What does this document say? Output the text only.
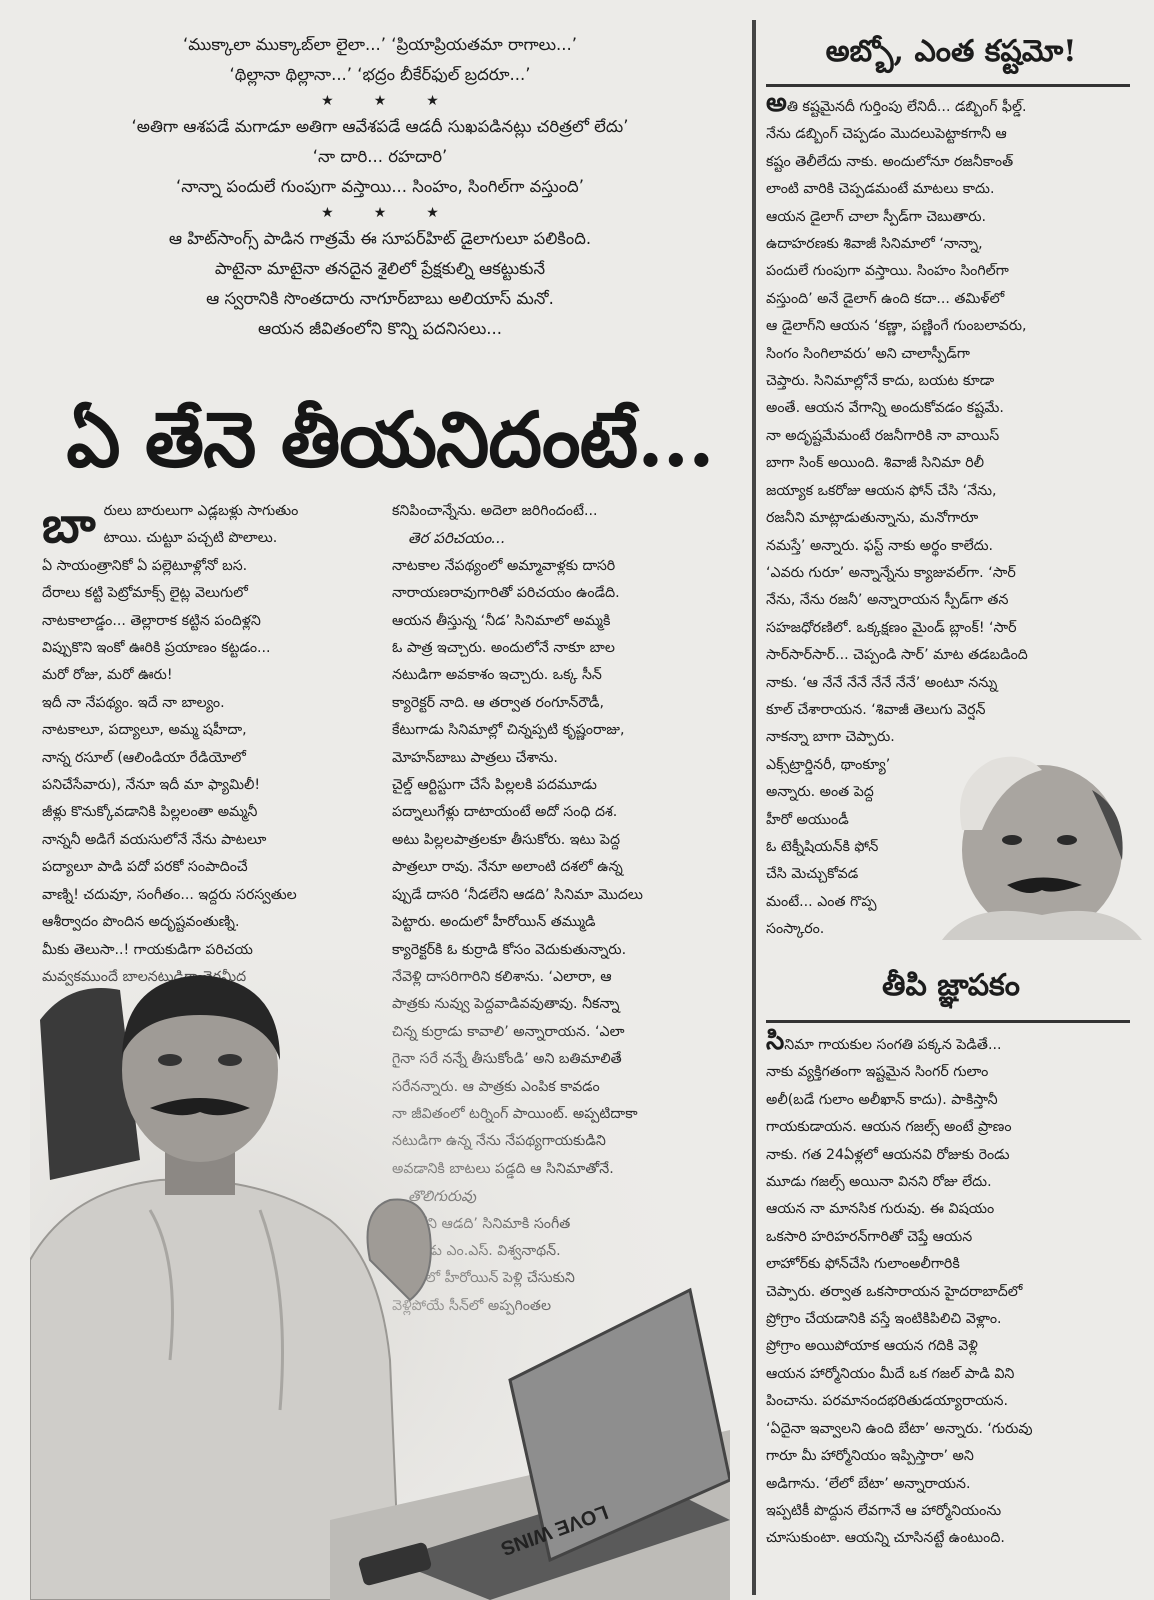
‘ముక్కాలా ముక్కాబ్‌లా లైలా...’ ‘ప్రియాప్రియతమా రాగాలు...’
‘థిల్లానా థిల్లానా...’ ‘భద్రం బీకేర్‌ఫుల్‌ బ్రదరూ...’
★★★
‘అతిగా ఆశపడే మగాడూ అతిగా ఆవేశపడే ఆడదీ సుఖపడినట్లు చరిత్రలో లేదు’
‘నా దారి... రహదారి’
‘నాన్నా పందులే గుంపుగా వస్తాయి... సింహం, సింగిల్‌గా వస్తుంది’
★★★
ఆ హిట్‌సాంగ్స్‌ పాడిన గాత్రమే ఈ సూపర్‌హిట్‌ డైలాగులూ పలికింది.
పాటైనా మాటైనా తనదైన శైలిలో ప్రేక్షకుల్ని ఆకట్టుకునే
ఆ స్వరానికి సొంతదారు నాగూర్‌బాబు అలియాస్‌ మనో.
ఆయన జీవితంలోని కొన్ని పదనిసలు...
ఏ తేనె తీయనిదంటే...
బా రులు బారులుగా ఎడ్లబళ్లు సాగుతుం
టాయి. చుట్టూ పచ్చటి పొలాలు.
ఏ సాయంత్రానికో ఏ పల్లెటూళ్లోనో బస.
దేరాలు కట్టి పెట్రోమాక్స్‌ లైట్ల వెలుగులో
నాటకాలాడ్డం... తెల్లారాక కట్టిన పందిళ్లని
విప్పుకొని ఇంకో ఊరికి ప్రయాణం కట్టడం...
మరో రోజు, మరో ఊరు!
ఇదీ నా నేపథ్యం. ఇదే నా బాల్యం.
నాటకాలూ, పద్యాలూ, అమ్మ షహీదా,
నాన్న రసూల్‌ (ఆలిండియా రేడియోలో
పనిచేసేవారు), నేనూ ఇదీ మా ఫ్యామిలీ!
జీళ్లు కొనుక్కోవడానికి పిల్లలంతా అమ్మనీ
నాన్ననీ అడిగే వయసులోనే నేను పాటలూ
పద్యాలూ పాడి పదో పరకో సంపాదించే
వాణ్ని! చదువూ, సంగీతం... ఇద్దరు సరస్వతుల
ఆశీర్వాదం పొందిన అదృష్టవంతుణ్ని.
మీకు తెలుసా..! గాయకుడిగా పరిచయ
కనిపించాన్నేను. అదెలా జరిగిందంటే...
తెర పరిచయం...
నాటకాల నేపథ్యంలో అమ్మావాళ్లకు దాసరి
నారాయణరావుగారితో పరిచయం ఉండేది.
ఆయన తీస్తున్న ‘నీడ’ సినిమాలో అమ్మకి
ఓ పాత్ర ఇచ్చారు. అందులోనే నాకూ బాల
నటుడిగా అవకాశం ఇచ్చారు. ఒక్క సీన్‌
క్యారెక్టర్‌ నాది. ఆ తర్వాత రంగూన్‌రౌడీ,
కేటుగాడు సినిమాల్లో చిన్నప్పటి కృష్ణంరాజు,
మోహన్‌బాబు పాత్రలు చేశాను.
చైల్డ్‌ ఆర్టిస్టుగా చేసే పిల్లలకి పదమూడు
పద్నాలుగేళ్లు దాటాయంటే అదో సంధి దశ.
అటు పిల్లలపాత్రలకూ తీసుకోరు. ఇటు పెద్ద
పాత్రలూ రావు. నేనూ అలాంటి దశలో ఉన్న
ప్పుడే దాసరి ‘నీడలేని ఆడది’ సినిమా మొదలు
పెట్టారు. అందులో హీరోయిన్‌ తమ్ముడి
క్యారెక్టర్‌కి ఓ కుర్రాడి కోసం వెదుకుతున్నారు.
LOVE WINS
అబ్బో, ఎంత కష్టమో!
అతి కష్టమైనదీ గుర్తింపు లేనిదీ... డబ్బింగ్‌ ఫీల్డ్‌.
నేను డబ్బింగ్‌ చెప్పడం మొదలుపెట్టాకగానీ ఆ
కష్టం తెలీలేదు నాకు. అందులోనూ రజనీకాంత్‌
లాంటి వారికి చెప్పడమంటే మాటలు కాదు.
ఆయన డైలాగ్‌ చాలా స్పీడ్‌గా చెబుతారు.
ఉదాహరణకు శివాజీ సినిమాలో ‘నాన్నా,
పందులే గుంపుగా వస్తాయి. సింహం సింగిల్‌గా
వస్తుంది’ అనే డైలాగ్‌ ఉంది కదా... తమిళ్‌లో
ఆ డైలాగ్‌ని ఆయన ‘కణ్ణా, పణ్ణింగే గుంబలావరు,
సింగం సింగిలావరు’ అని చాలాస్పీడ్‌గా
చెప్తారు. సినిమాల్లోనే కాదు, బయట కూడా
అంతే. ఆయన వేగాన్ని అందుకోవడం కష్టమే.
నా అదృష్టమేమంటే రజనీగారికి నా వాయిస్‌
బాగా సింక్‌ అయింది. శివాజీ సినిమా రిలీ
జయ్యాక ఒకరోజు ఆయన ఫోన్‌ చేసి ‘నేను,
రజనీని మాట్లాడుతున్నాను, మనోగారూ
నమస్తే’ అన్నారు. ఫస్ట్‌ నాకు అర్థం కాలేదు.
‘ఎవరు గురూ’ అన్నాన్నేను క్యాజువల్‌గా. ‘సార్‌
నేను, నేను రజనీ’ అన్నారాయన స్పీడ్‌గా తన
సహజధోరణిలో. ఒక్కక్షణం మైండ్‌ బ్లాంక్‌! ‘సార్‌
సార్‌సార్‌సార్‌... చెప్పండి సార్‌’ మాట తడబడింది
నాకు. ‘ఆ నేనే నేనే నేనే నేనే’ అంటూ నన్ను
కూల్‌ చేశారాయన. ‘శివాజీ తెలుగు వెర్షన్‌
నాకన్నా బాగా చెప్పారు.
ఎక్స్‌ట్రార్డినరీ, థాంక్యూ’
అన్నారు. అంత పెద్ద
హీరో అయుండీ
ఓ టెక్నీషియన్‌కి ఫోన్‌
చేసి మెచ్చుకోవడ
మంటే... ఎంత గొప్ప
సంస్కారం.
తీపి జ్ఞాపకం
సినిమా గాయకుల సంగతి పక్కన పెడితే...
నాకు వ్యక్తిగతంగా ఇష్టమైన సింగర్‌ గులాం
అలీ(బడే గులాం అలీఖాన్‌ కాదు). పాకిస్తానీ
గాయకుడాయన. ఆయన గజల్స్‌ అంటే ప్రాణం
నాకు. గత 24ఏళ్లలో ఆయనవి రోజుకు రెండు
మూడు గజల్స్‌ అయినా వినని రోజు లేదు.
ఆయన నా మానసిక గురువు. ఈ విషయం
ఒకసారి హరిహరన్‌గారితో చెప్తే ఆయన
లాహోర్‌కు ఫోన్‌చేసి గులాంఅలీగారికి
చెప్పారు. తర్వాత ఒకసారాయన హైదరాబాద్‌లో
ప్రోగ్రాం చేయడానికి వస్తే ఇంటికిపిలిచి వెళ్లాం.
ప్రోగ్రాం అయిపోయాక ఆయన గదికి వెళ్లి
ఆయన హార్మోనియం మీదే ఒక గజల్‌ పాడి విని
పించాను. పరమానందభరితుడయ్యారాయన.
‘ఏదైనా ఇవ్వాలని ఉంది బేటా’ అన్నారు. ‘గురువు
గారూ మీ హార్మోనియం ఇప్పిస్తారా’ అని
అడిగాను. ‘లేలో బేటా’ అన్నారాయన.
ఇప్పటికీ పొద్దున లేవగానే ఆ హార్మోనియంను
చూసుకుంటా. ఆయన్ని చూసినట్టే ఉంటుంది.
